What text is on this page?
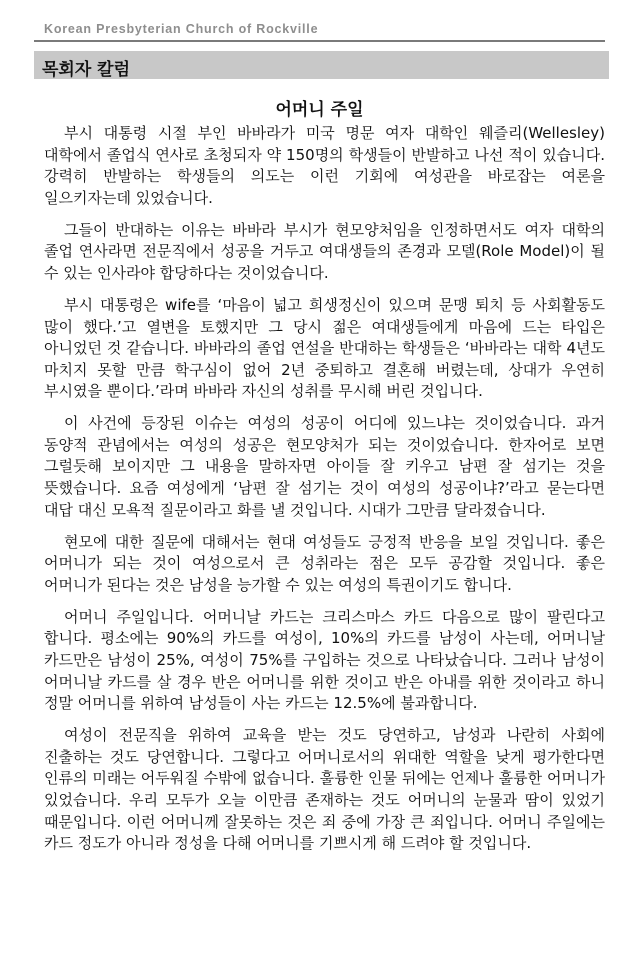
Korean Presbyterian Church of Rockville
목회자 칼럼
어머니 주일

부시 대통령 시절 부인 바바라가 미국 명문 여자 대학인 웨즐리(Wellesley)대학에서 졸업식 연사로 초청되자 약 150명의 학생들이 반발하고 나선 적이 있습니다. 강력히 반발하는 학생들의 의도는 이런 기회에 여성관을 바로잡는 여론을 일으키자는데 있었습니다.

그들이 반대하는 이유는 바바라 부시가 현모양처임을 인정하면서도 여자 대학의 졸업 연사라면 전문직에서 성공을 거두고 여대생들의 존경과 모델(Role Model)이 될 수 있는 인사라야 합당하다는 것이었습니다.

부시 대통령은 wife를 ‘마음이 넓고 희생정신이 있으며 문맹 퇴치 등 사회활동도 많이 했다.’고 열변을 토했지만 그 당시 젊은 여대생들에게 마음에 드는 타입은 아니었던 것 같습니다. 바바라의 졸업 연설을 반대하는 학생들은 ‘바바라는 대학 4년도 마치지 못할 만큼 학구심이 없어 2년 중퇴하고 결혼해 버렸는데, 상대가 우연히 부시였을 뿐이다.’라며 바바라 자신의 성취를 무시해 버린 것입니다.

이 사건에 등장된 이슈는 여성의 성공이 어디에 있느냐는 것이었습니다. 과거 동양적 관념에서는 여성의 성공은 현모양처가 되는 것이었습니다. 한자어로 보면 그럴듯해 보이지만 그 내용을 말하자면 아이들 잘 키우고 남편 잘 섬기는 것을 뜻했습니다. 요즘 여성에게 ‘남편 잘 섬기는 것이 여성의 성공이냐?’라고 묻는다면 대답 대신 모욕적 질문이라고 화를 낼 것입니다. 시대가 그만큼 달라졌습니다.

현모에 대한 질문에 대해서는 현대 여성들도 긍정적 반응을 보일 것입니다. 좋은 어머니가 되는 것이 여성으로서 큰 성취라는 점은 모두 공감할 것입니다. 좋은 어머니가 된다는 것은 남성을 능가할 수 있는 여성의 특권이기도 합니다.

어머니 주일입니다. 어머니날 카드는 크리스마스 카드 다음으로 많이 팔린다고 합니다. 평소에는 90%의 카드를 여성이, 10%의 카드를 남성이 사는데, 어머니날 카드만은 남성이 25%, 여성이 75%를 구입하는 것으로 나타났습니다. 그러나 남성이 어머니날 카드를 살 경우 반은 어머니를 위한 것이고 반은 아내를 위한 것이라고 하니 정말 어머니를 위하여 남성들이 사는 카드는 12.5%에 불과합니다.

여성이 전문직을 위하여 교육을 받는 것도 당연하고, 남성과 나란히 사회에 진출하는 것도 당연합니다. 그렇다고 어머니로서의 위대한 역할을 낮게 평가한다면 인류의 미래는 어두워질 수밖에 없습니다. 훌륭한 인물 뒤에는 언제나 훌륭한 어머니가 있었습니다. 우리 모두가 오늘 이만큼 존재하는 것도 어머니의 눈물과 땀이 있었기 때문입니다. 이런 어머니께 잘못하는 것은 죄 중에 가장 큰 죄입니다. 어머니 주일에는 카드 정도가 아니라 정성을 다해 어머니를 기쁘시게 해 드려야 할 것입니다.
